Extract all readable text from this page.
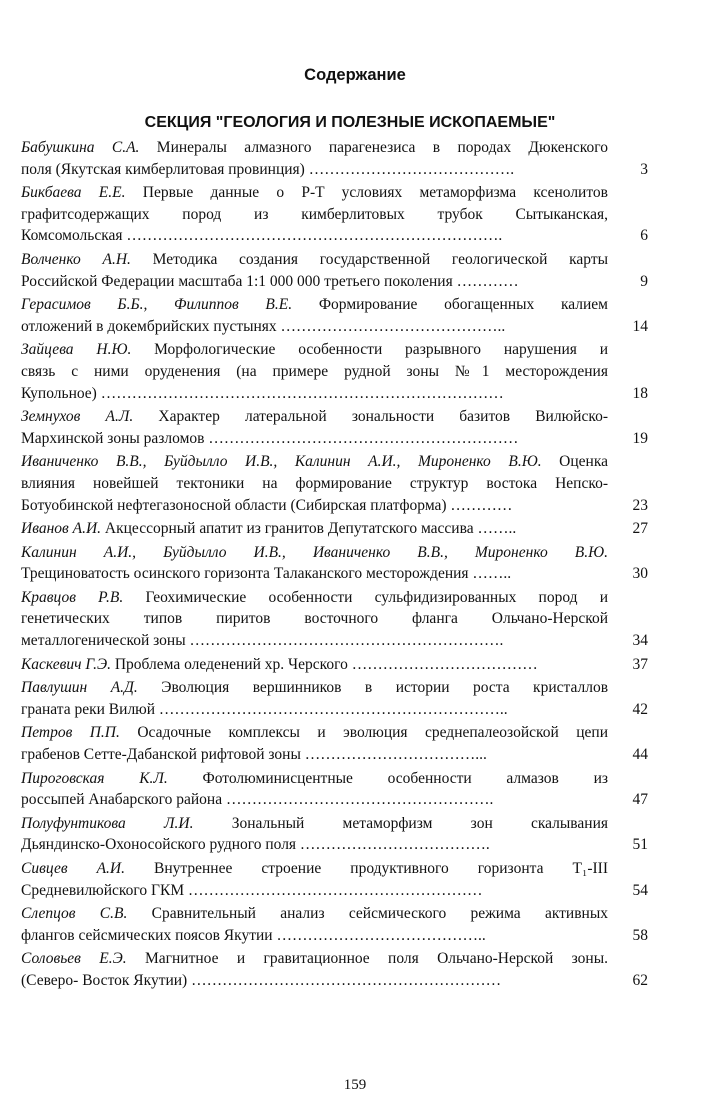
Содержание
СЕКЦИЯ "ГЕОЛОГИЯ И ПОЛЕЗНЫЕ ИСКОПАЕМЫЕ"
Бабушкина С.А. Минералы алмазного парагенезиса в породах Дюкенского
поля (Якутская кимберлитовая провинция) ………………………………….	3
Бикбаева Е.Е. Первые данные о P-T условиях метаморфизма ксенолитов
графитсодержащих пород из кимберлитовых трубок Сытыканская,
Комсомольская ……………………………………………………………….	6
Волченко А.Н. Методика создания государственной геологической карты
Российской Федерации масштаба 1:1 000 000 третьего поколения …………	9
Герасимов Б.Б., Филиппов В.Е. Формирование обогащенных калием
отложений в докембрийских пустынях ……………………………………..	14
Зайцева Н.Ю. Морфологические особенности разрывного нарушения и
связь с ними оруденения (на примере рудной зоны №1 месторождения
Купольное) ……………………………………………………………………	18
Земнухов А.Л. Характер латеральной зональности базитов Вилюйско-
Мархинской зоны разломов ……………………………………………………	19
Иваниченко В.В., Буйдылло И.В., Калинин А.И., Мироненко В.Ю. Оценка
влияния новейшей тектоники на формирование структур востока Непско-
Ботуобинской нефтегазоносной области (Сибирская платформа) …………	23
Иванов А.И. Акцессорный апатит из гранитов Депутатского массива ……..	27
Калинин А.И., Буйдылло И.В., Иваниченко В.В., Мироненко В.Ю.
Трещиноватость осинского горизонта Талаканского месторождения ……..	30
Кравцов Р.В. Геохимические особенности сульфидизированных пород и
генетических типов пиритов восточного фланга Ольчано-Нерской
металлогенической зоны …………………………………………………….	34
Каскевич Г.Э. Проблема оледенений хр. Черского ………………………………	37
Павлушин А.Д. Эволюция вершинников в истории роста кристаллов
граната реки Вилюй …………………………………………………………..	42
Петров П.П. Осадочные комплексы и эволюция среднепалеозойской цепи
грабенов Сетте-Дабанской рифтовой зоны ……………………………...	44
Пироговская К.Л. Фотолюминисцентные особенности алмазов из
россыпей Анабарского района …………………………………………….	47
Полуфунтикова Л.И. Зональный метаморфизм зон скалывания
Дьяндинско-Охоносойского рудного поля ……………………………….	51
Сивцев А.И. Внутреннее строение продуктивного горизонта T₁-III
Средневилюйского ГКМ …………………………………………………	54
Слепцов С.В. Сравнительный анализ сейсмического режима активных
флангов сейсмических поясов Якутии …………………………………..	58
Соловьев Е.Э. Магнитное и гравитационное поля Ольчано-Нерской зоны.
(Северо- Восток Якутии) ……………………………………………………	62
159
